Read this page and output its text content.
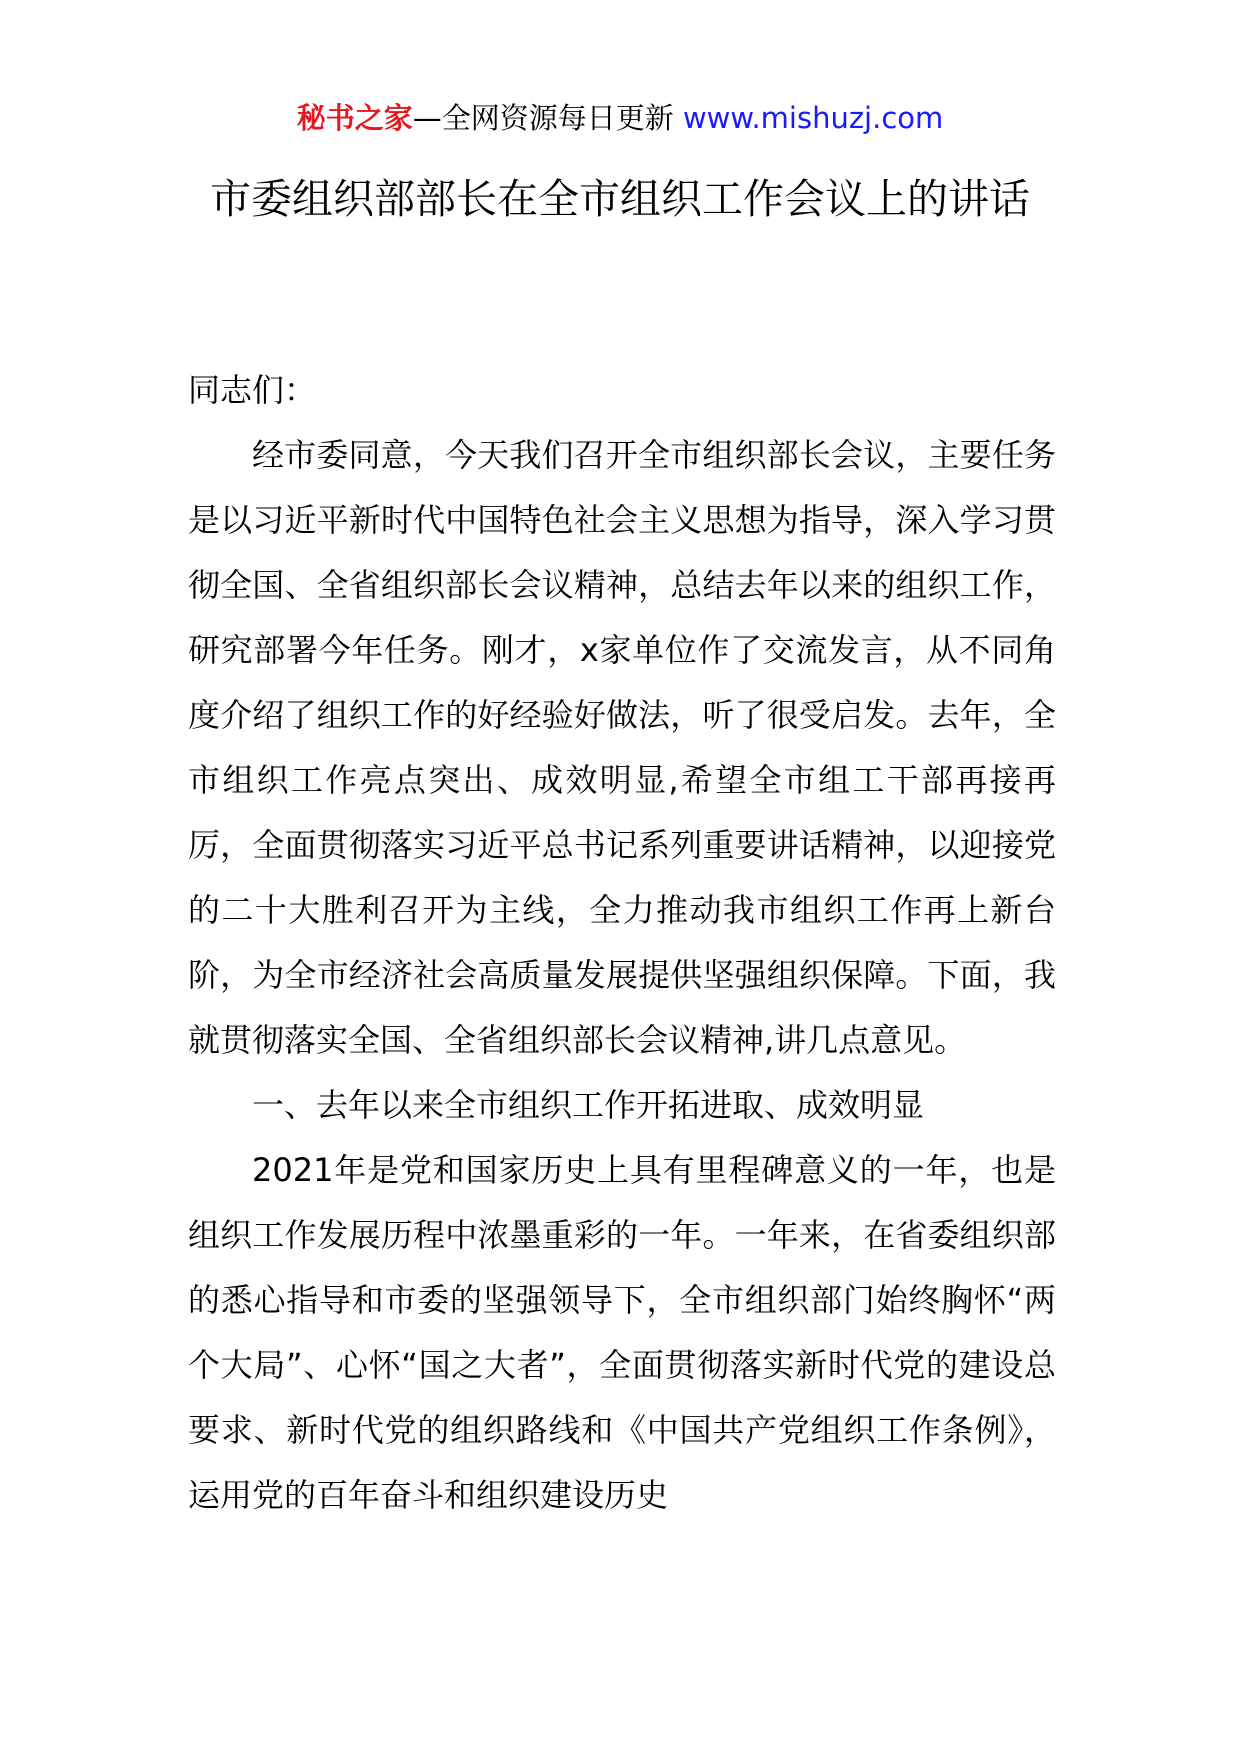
秘书之家—全网资源每日更新 www.mishuzj.com
市委组织部部长在全市组织工作会议上的讲话

同志们：

经市委同意，今天我们召开全市组织部长会议，主要任务是以习近平新时代中国特色社会主义思想为指导，深入学习贯彻全国、全省组织部长会议精神，总结去年以来的组织工作，研究部署今年任务。刚才，x家单位作了交流发言，从不同角度介绍了组织工作的好经验好做法，听了很受启发。去年，全市组织工作亮点突出、成效明显,希望全市组工干部再接再厉，全面贯彻落实习近平总书记系列重要讲话精神，以迎接党的二十大胜利召开为主线，全力推动我市组织工作再上新台阶，为全市经济社会高质量发展提供坚强组织保障。下面，我就贯彻落实全国、全省组织部长会议精神,讲几点意见。

一、去年以来全市组织工作开拓进取、成效明显

2021年是党和国家历史上具有里程碑意义的一年，也是组织工作发展历程中浓墨重彩的一年。一年来，在省委组织部的悉心指导和市委的坚强领导下，全市组织部门始终胸怀“两个大局”、心怀“国之大者”，全面贯彻落实新时代党的建设总要求、新时代党的组织路线和《中国共产党组织工作条例》，运用党的百年奋斗和组织建设历史
